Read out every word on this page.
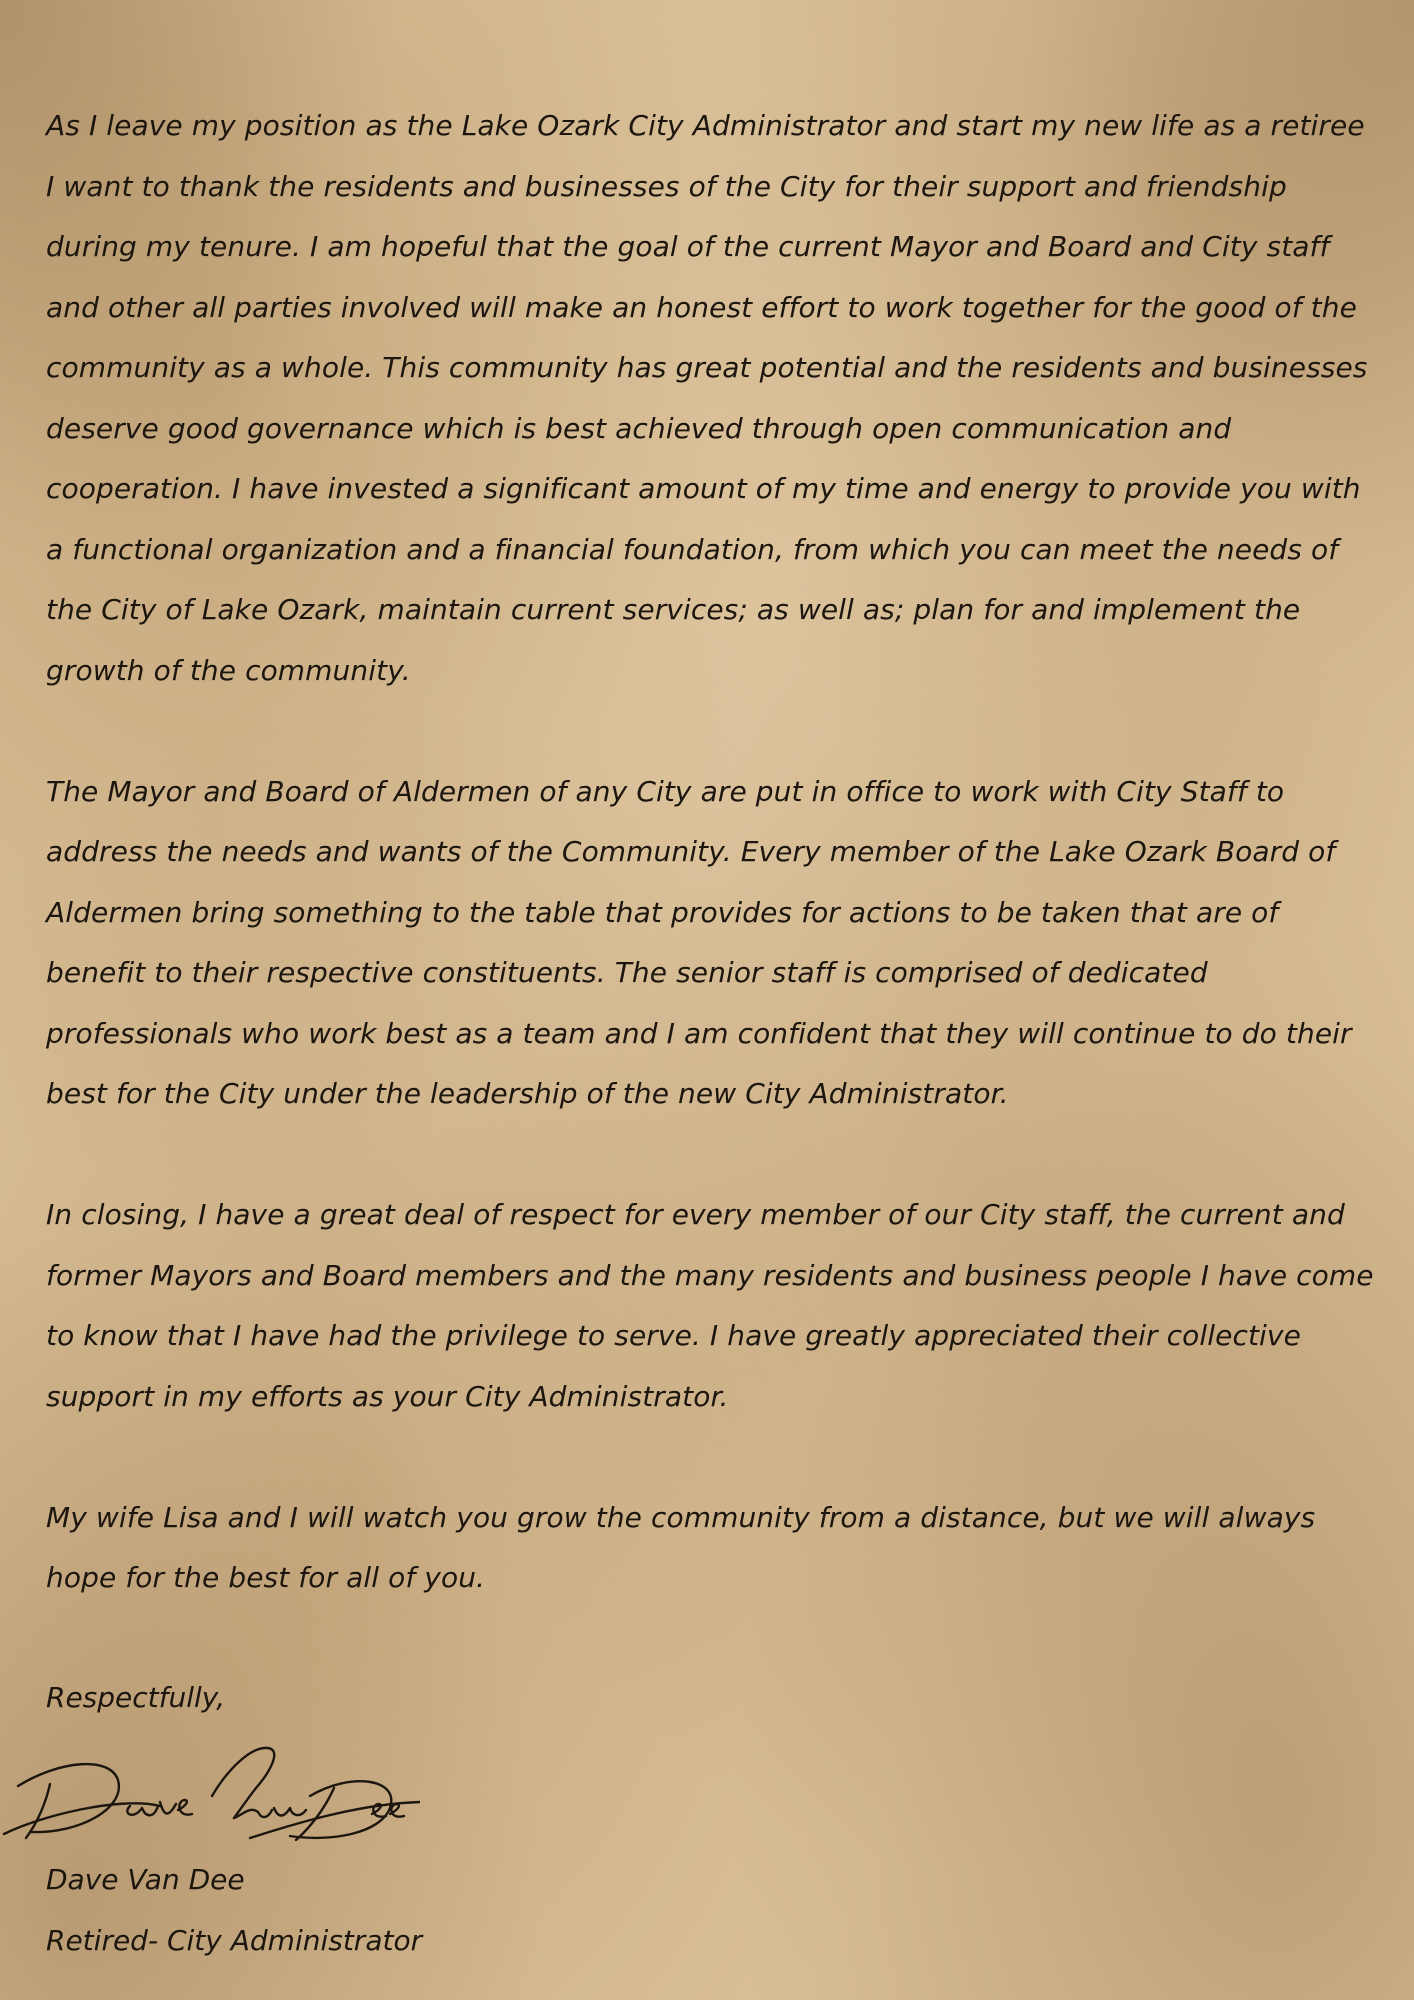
As I leave my position as the Lake Ozark City Administrator and start my new life as a retiree I want to thank the residents and businesses of the City for their support and friendship during my tenure. I am hopeful that the goal of the current Mayor and Board and City staff and other all parties involved will make an honest effort to work together for the good of the community as a whole. This community has great potential and the residents and businesses deserve good governance which is best achieved through open communication and cooperation. I have invested a significant amount of my time and energy to provide you with a functional organization and a financial foundation, from which you can meet the needs of the City of Lake Ozark, maintain current services; as well as; plan for and implement the growth of the community.

The Mayor and Board of Aldermen of any City are put in office to work with City Staff to address the needs and wants of the Community. Every member of the Lake Ozark Board of Aldermen bring something to the table that provides for actions to be taken that are of benefit to their respective constituents. The senior staff is comprised of dedicated professionals who work best as a team and I am confident that they will continue to do their best for the City under the leadership of the new City Administrator.

In closing, I have a great deal of respect for every member of our City staff, the current and former Mayors and Board members and the many residents and business people I have come to know that I have had the privilege to serve. I have greatly appreciated their collective support in my efforts as your City Administrator.

My wife Lisa and I will watch you grow the community from a distance, but we will always hope for the best for all of you.

Respectfully,
Dave Van Dee
Retired- City Administrator
